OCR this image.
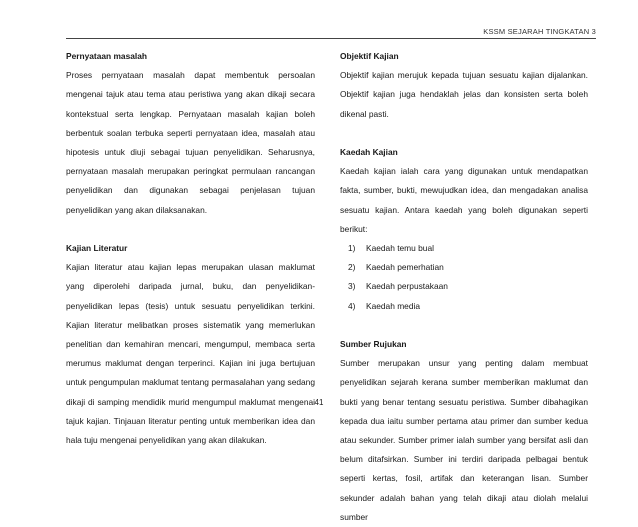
KSSM SEJARAH TINGKATAN 3

Pernyataan masalah

Proses pernyataan masalah dapat membentuk persoalan mengenai tajuk atau tema atau peristiwa yang akan dikaji secara kontekstual serta lengkap. Pernyataan masalah kajian boleh berbentuk soalan terbuka seperti pernyataan idea, masalah atau hipotesis untuk diuji sebagai tujuan penyelidikan. Seharusnya, pernyataan masalah merupakan peringkat permulaan rancangan penyelidikan dan digunakan sebagai penjelasan tujuan penyelidikan yang akan dilaksanakan.

Kajian Literatur

Kajian literatur atau kajian lepas merupakan ulasan maklumat yang diperolehi daripada jurnal, buku, dan penyelidikan-penyelidikan lepas (tesis) untuk sesuatu penyelidikan terkini. Kajian literatur melibatkan proses sistematik yang memerlukan penelitian dan kemahiran mencari, mengumpul, membaca serta merumus maklumat dengan terperinci. Kajian ini juga bertujuan untuk pengumpulan maklumat tentang permasalahan yang sedang dikaji di samping mendidik murid mengumpul maklumat mengenai tajuk kajian. Tinjauan literatur penting untuk memberikan idea dan hala tuju mengenai penyelidikan yang akan dilakukan.

Objektif Kajian

Objektif kajian merujuk kepada tujuan sesuatu kajian dijalankan. Objektif kajian juga hendaklah jelas dan konsisten serta boleh dikenal pasti.

Kaedah Kajian

Kaedah kajian ialah cara yang digunakan untuk mendapatkan fakta, sumber, bukti, mewujudkan idea, dan mengadakan analisa sesuatu kajian. Antara kaedah yang boleh digunakan seperti berikut:

1) Kaedah temu bual
2) Kaedah pemerhatian
3) Kaedah perpustakaan
4) Kaedah media

Sumber Rujukan

Sumber merupakan unsur yang penting dalam membuat penyelidikan sejarah kerana sumber memberikan maklumat dan bukti yang benar tentang sesuatu peristiwa. Sumber dibahagikan kepada dua iaitu sumber pertama atau primer dan sumber kedua atau sekunder. Sumber primer ialah sumber yang bersifat asli dan belum ditafsirkan. Sumber ini terdiri daripada pelbagai bentuk seperti kertas, fosil, artifak dan keterangan lisan. Sumber sekunder adalah bahan yang telah dikaji atau diolah melalui sumber

41
